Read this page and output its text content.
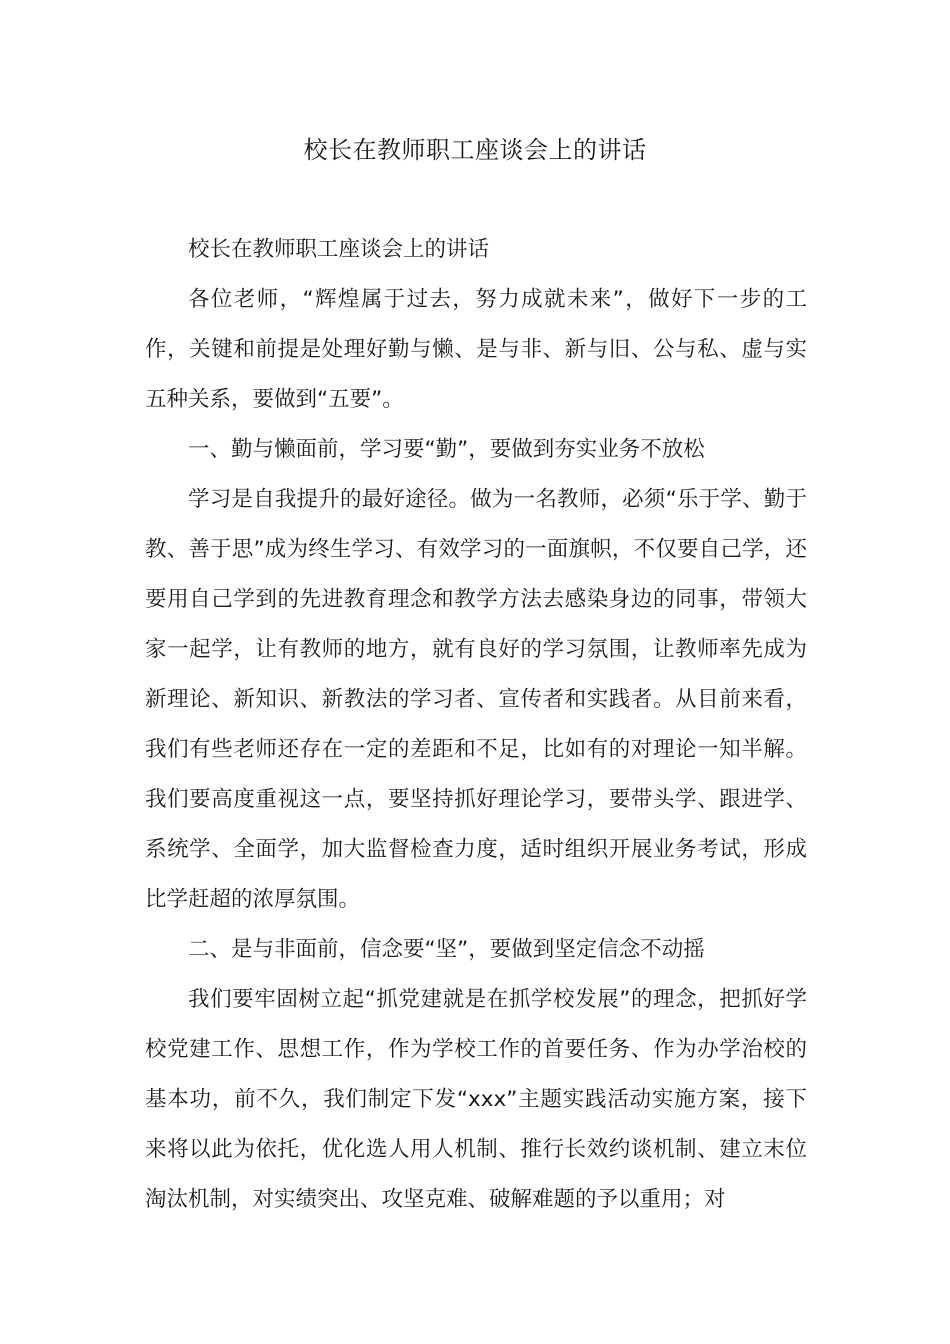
校长在教师职工座谈会上的讲话

校长在教师职工座谈会上的讲话

各位老师，“辉煌属于过去，努力成就未来”，做好下一步的工作，关键和前提是处理好勤与懒、是与非、新与旧、公与私、虚与实五种关系，要做到“五要”。

一、勤与懒面前，学习要“勤”，要做到夯实业务不放松

学习是自我提升的最好途径。做为一名教师，必须“乐于学、勤于教、善于思”成为终生学习、有效学习的一面旗帜，不仅要自己学，还要用自己学到的先进教育理念和教学方法去感染身边的同事，带领大家一起学，让有教师的地方，就有良好的学习氛围，让教师率先成为新理论、新知识、新教法的学习者、宣传者和实践者。从目前来看，我们有些老师还存在一定的差距和不足，比如有的对理论一知半解。我们要高度重视这一点，要坚持抓好理论学习，要带头学、跟进学、系统学、全面学，加大监督检查力度，适时组织开展业务考试，形成比学赶超的浓厚氛围。

二、是与非面前，信念要“坚”，要做到坚定信念不动摇

我们要牢固树立起“抓党建就是在抓学校发展”的理念，把抓好学校党建工作、思想工作，作为学校工作的首要任务、作为办学治校的基本功，前不久，我们制定下发“xxx”主题实践活动实施方案，接下来将以此为依托，优化选人用人机制、推行长效约谈机制、建立末位淘汰机制，对实绩突出、攻坚克难、破解难题的予以重用；对
